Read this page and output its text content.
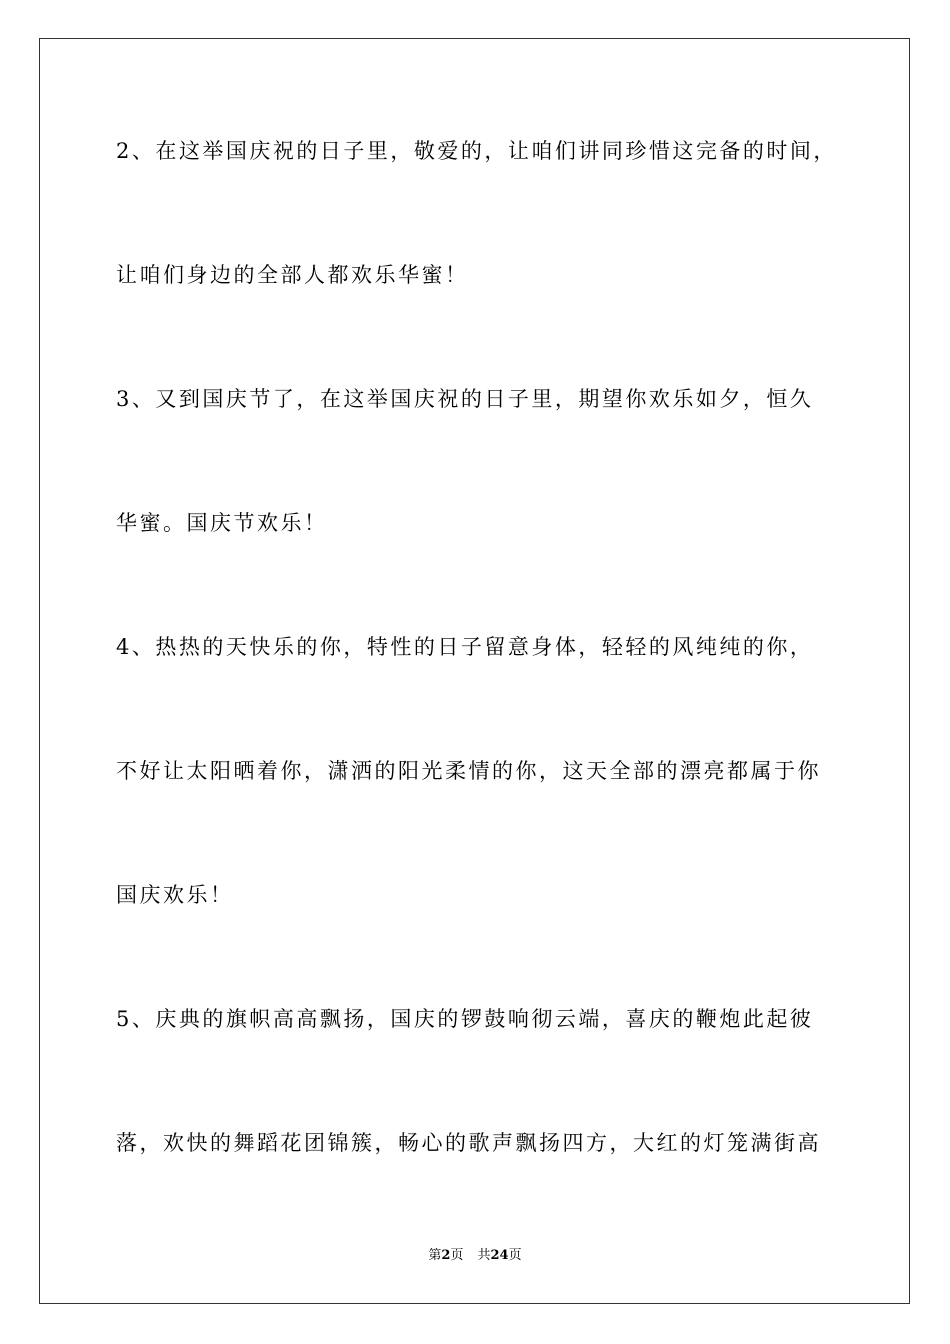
2、在这举国庆祝的日子里，敬爱的，让咱们讲同珍惜这完备的时间，
让咱们身边的全部人都欢乐华蜜！
3、又到国庆节了，在这举国庆祝的日子里，期望你欢乐如夕，恒久
华蜜。国庆节欢乐！
4、热热的天快乐的你，特性的日子留意身体，轻轻的风纯纯的你，
不好让太阳晒着你，潇洒的阳光柔情的你，这天全部的漂亮都属于你
国庆欢乐！
5、庆典的旗帜高高飘扬，国庆的锣鼓响彻云端，喜庆的鞭炮此起彼
落，欢快的舞蹈花团锦簇，畅心的歌声飘扬四方，大红的灯笼满街高
第2页 共24页
